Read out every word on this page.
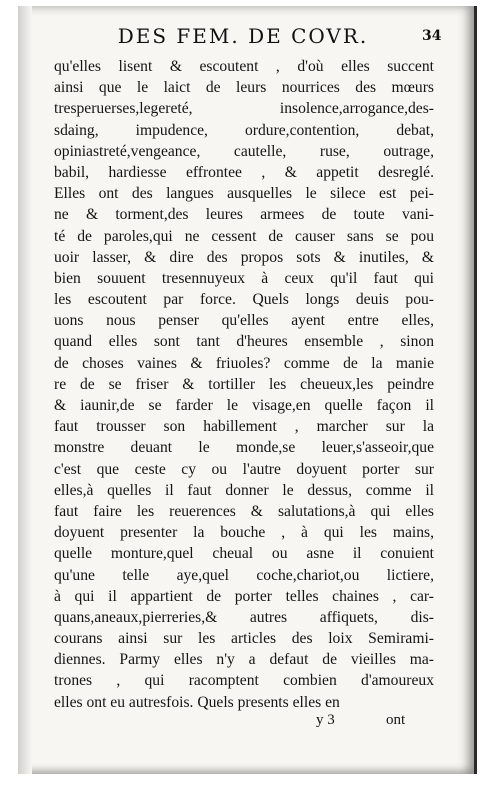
DES FEM. DE COVR.	34
qu'elles lisent & escoutent , d'où elles succent
ainsi que le laict de leurs nourrices des mœurs
tresperuerses,legereté, insolence,arrogance,des-
sdaing, impudence, ordure,contention, debat,
opiniastreté,vengeance, cautelle, ruse, outrage,
babil, hardiesse effrontee , & appetit desreglé.
Elles ont des langues ausquelles le silece est pei-
ne & torment,des leures armees de toute vani-
té de paroles,qui ne cessent de causer sans se pou
uoir lasser, & dire des propos sots & inutiles, &
bien souuent tresennuyeux à ceux qu'il faut qui
les escoutent par force. Quels longs deuis pou-
uons nous penser qu'elles ayent entre elles,
quand elles sont tant d'heures ensemble , sinon
de choses vaines & friuoles? comme de la manie
re de se friser & tortiller les cheueux,les peindre
& iaunir,de se farder le visage,en quelle façon il
faut trousser son habillement , marcher sur la
monstre deuant le monde,se leuer,s'asseoir,que
c'est que ceste cy ou l'autre doyuent porter sur
elles,à quelles il faut donner le dessus, comme il
faut faire les reuerences & salutations,à qui elles
doyuent presenter la bouche , à qui les mains,
quelle monture,quel cheual ou asne il conuient
qu'une telle aye,quel coche,chariot,ou lictiere,
à qui il appartient de porter telles chaines , car-
quans,aneaux,pierreries,& autres affiquets, dis-
courans ainsi sur les articles des loix Semirami-
diennes. Parmy elles n'y a defaut de vieilles ma-
trones , qui racomptent combien d'amoureux
elles ont eu autresfois. Quels presents elles en
y 3	ont
